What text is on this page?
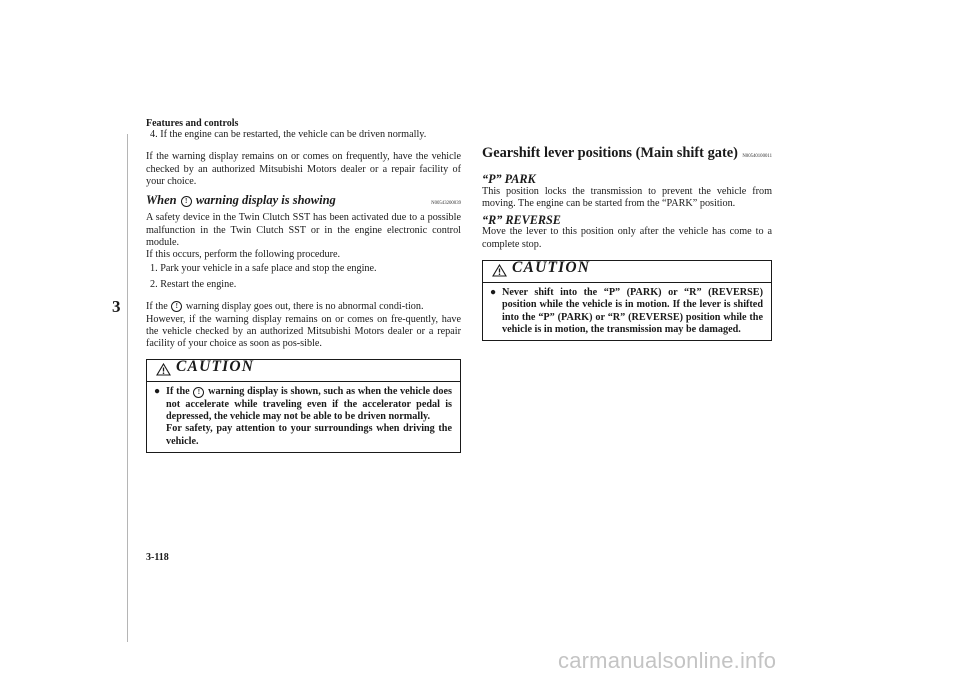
Features and controls
3

4. If the engine can be restarted, the vehicle can be driven normally.

If the warning display remains on or comes on frequently, have the vehicle checked by an authorized Mitsubishi Motors dealer or a repair facility of your choice.

When ! warning display is showing	N00543200039

A safety device in the Twin Clutch SST has been activated due to a possible malfunction in the Twin Clutch SST or in the engine electronic control module.

If this occurs, perform the following procedure.

1. Park your vehicle in a safe place and stop the engine.

2. Restart the engine.

If the ! warning display goes out, there is no abnormal condi-tion.

However, if the warning display remains on or comes on fre-quently, have the vehicle checked by an authorized Mitsubishi Motors dealer or a repair facility of your choice as soon as pos-sible.

CAUTION
● If the ! warning display is shown, such as when the vehicle does not accelerate while traveling even if the accelerator pedal is depressed, the vehicle may not be able to be driven normally.
For safety, pay attention to your surroundings when driving the vehicle.
Gearshift lever positions (Main shift gate) N00540100011
“P” PARK

This position locks the transmission to prevent the vehicle from moving. The engine can be started from the “PARK” position.

“R” REVERSE

Move the lever to this position only after the vehicle has come to a complete stop.

CAUTION
● Never shift into the “P” (PARK) or “R” (REVERSE) position while the vehicle is in motion. If the lever is shifted into the “P” (PARK) or “R” (REVERSE) position while the vehicle is in motion, the transmission may be damaged.
3-118
carmanualsonline.info
